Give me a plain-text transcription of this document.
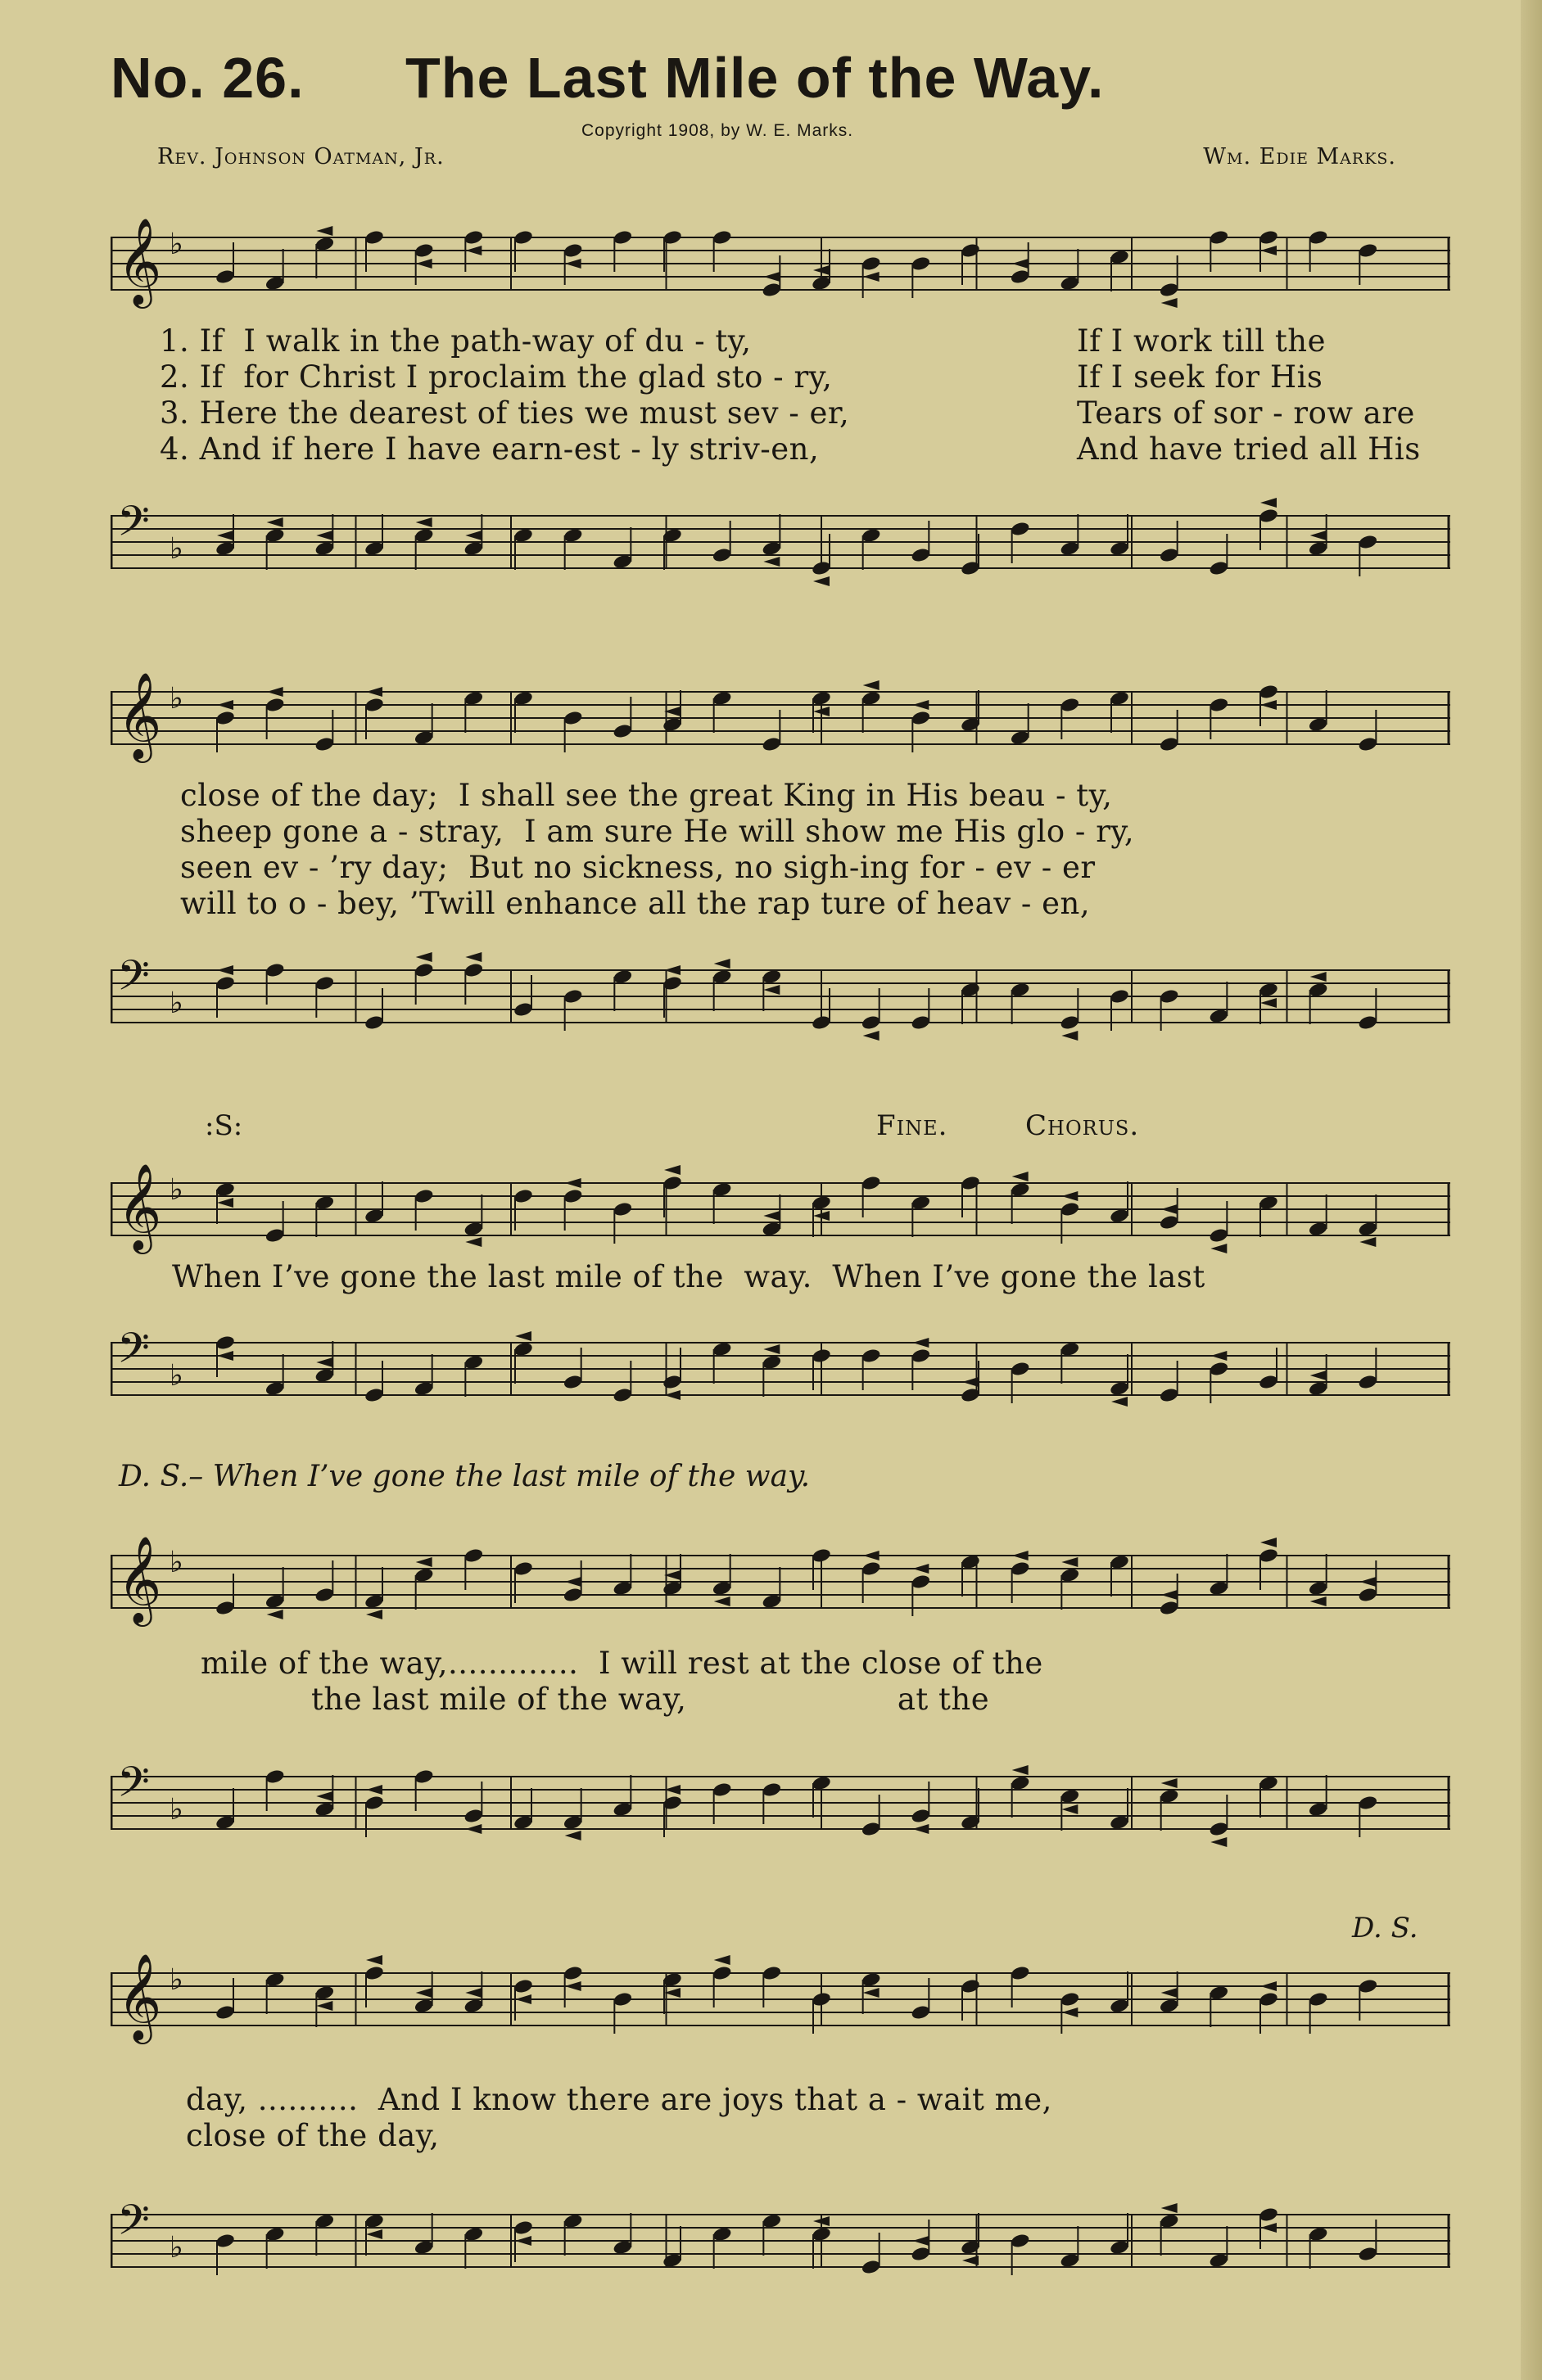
No. 26. The Last Mile of the Way.
Copyright 1908, by W. E. Marks.
Rev. Johnson Oatman, Jr.	Wm. Edie Marks.
𝄞 ♭
1. If  I walk in the path-way of du - ty,	If I work till the
2. If  for Christ I proclaim the glad sto - ry,	If I seek for His
3. Here the dearest of ties we must sev - er,	Tears of sor - row are
4. And if here I have earn-est - ly striv-en,	And have tried all His
𝄢 ♭
𝄞 ♭
close of the day;  I shall see the great King in His beau - ty,
sheep gone a - stray,  I am sure He will show me His glo - ry,
seen ev - ’ry day;  But no sickness, no sigh-ing for - ev - er
will to o - bey, ’Twill enhance all the rap ture of heav - en,
𝄢 ♭
:S:	Fine.	Chorus.
𝄞 ♭
When I’ve gone the last mile of the  way.  When I’ve gone the last
𝄢 ♭
D. S.– When I’ve gone the last mile of the way.
𝄞 ♭
mile of the way,.............  I will rest at the close of the
the last mile of the way,                     at the
𝄢 ♭
D. S.
𝄞 ♭
day, ..........  And I know there are joys that a - wait me,
close of the day,
𝄢 ♭
